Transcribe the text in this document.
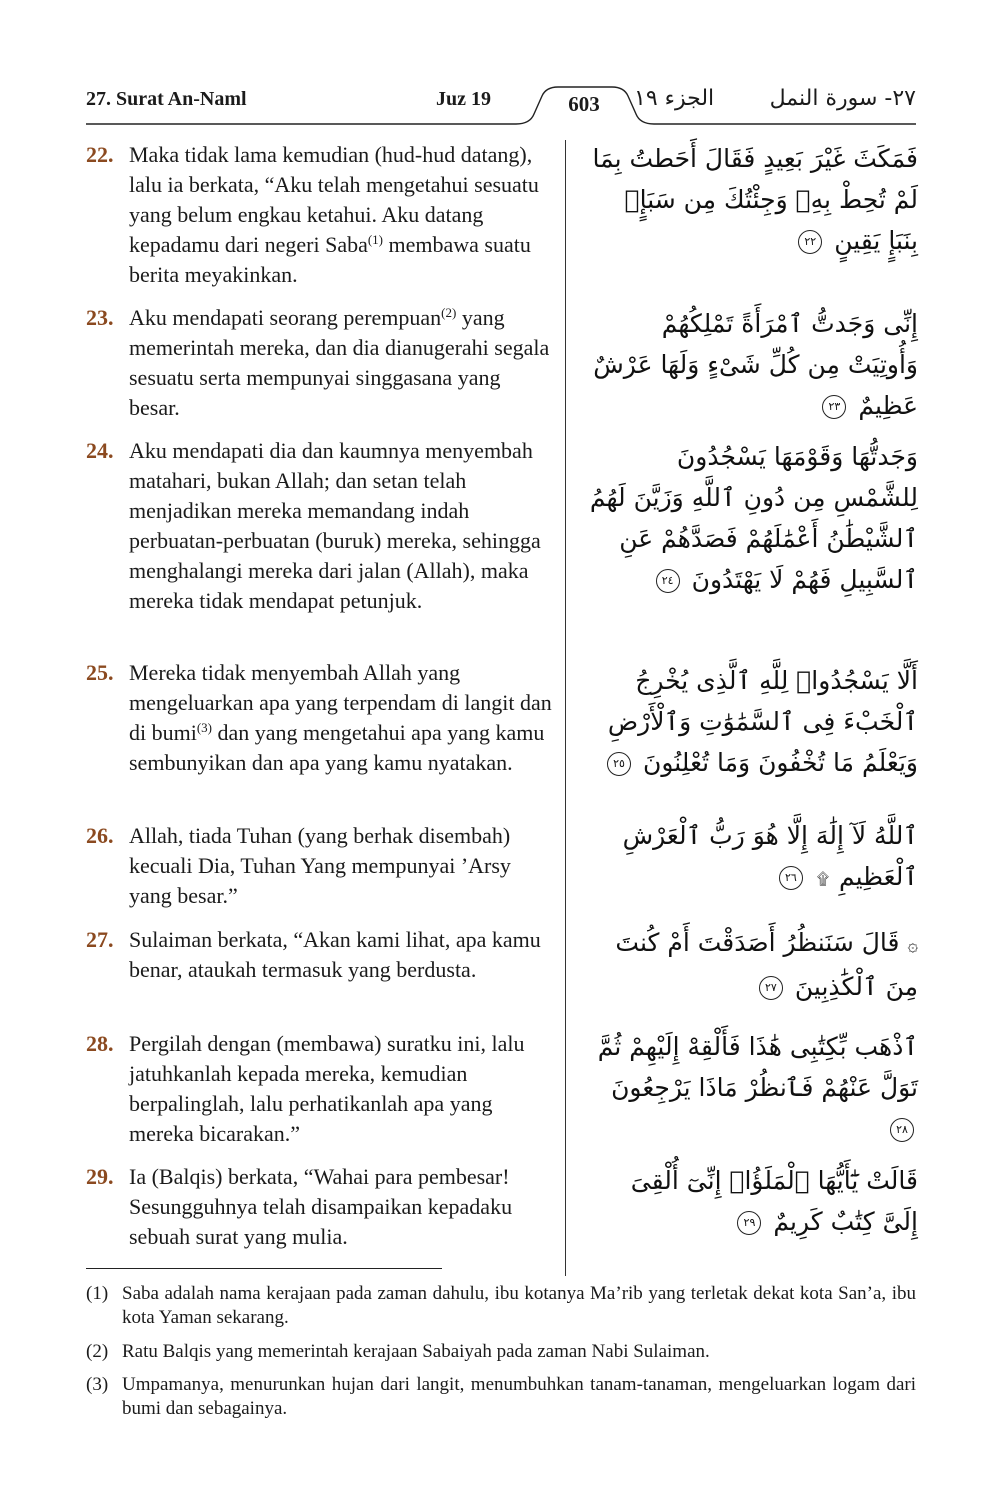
27. Surat An-Naml	Juz 19	603	الجزء ١٩	٢٧- سورة النمل
22. Maka tidak lama kemudian (hud-hud datang), lalu ia berkata, “Aku telah mengetahui sesuatu yang belum engkau ketahui. Aku datang kepadamu dari negeri Saba$^{(1)}$ membawa suatu berita meyakinkan.
23. Aku mendapati seorang perempuan$^{(2)}$ yang memerintah mereka, dan dia dianugerahi segala sesuatu serta mempunyai singgasana yang besar.
24. Aku mendapati dia dan kaumnya menyembah matahari, bukan Allah; dan setan telah menjadikan mereka memandang indah perbuatan-perbuatan (buruk) mereka, sehingga menghalangi mereka dari jalan (Allah), maka mereka tidak mendapat petunjuk.
25. Mereka tidak menyembah Allah yang mengeluarkan apa yang terpendam di langit dan di bumi$^{(3)}$ dan yang mengetahui apa yang kamu sembunyikan dan apa yang kamu nyatakan.
26. Allah, tiada Tuhan (yang berhak disembah) kecuali Dia, Tuhan Yang mempunyai ’Arsy yang besar.”
27. Sulaiman berkata, “Akan kami lihat, apa kamu benar, ataukah termasuk yang berdusta.
28. Pergilah dengan (membawa) suratku ini, lalu jatuhkanlah kepada mereka, kemudian berpalinglah, lalu perhatikanlah apa yang mereka bicarakan.”
29. Ia (Balqis) berkata, “Wahai para pembesar! Sesungguhnya telah disampaikan kepadaku sebuah surat yang mulia.
فَمَكَثَ غَيْرَ بَعِيدٍ فَقَالَ أَحَطتُ بِمَا لَمْ تُحِطْ بِهِۦ وَجِئْتُكَ مِن سَبَإٍۭ بِنَبَإٍ يَقِينٍ ٢٢
إِنِّى وَجَدتُّ ٱمْرَأَةً تَمْلِكُهُمْ وَأُوتِيَتْ مِن كُلِّ شَىْءٍ وَلَهَا عَرْشٌ عَظِيمٌ ٢٣
وَجَدتُّهَا وَقَوْمَهَا يَسْجُدُونَ لِلشَّمْسِ مِن دُونِ ٱللَّهِ وَزَيَّنَ لَهُمُ ٱلشَّيْطَٰنُ أَعْمَٰلَهُمْ فَصَدَّهُمْ عَنِ ٱلسَّبِيلِ فَهُمْ لَا يَهْتَدُونَ ٢٤
أَلَّا يَسْجُدُوا۟ لِلَّهِ ٱلَّذِى يُخْرِجُ ٱلْخَبْءَ فِى ٱلسَّمَٰوَٰتِ وَٱلْأَرْضِ وَيَعْلَمُ مَا تُخْفُونَ وَمَا تُعْلِنُونَ ٢٥
ٱللَّهُ لَآ إِلَٰهَ إِلَّا هُوَ رَبُّ ٱلْعَرْشِ ٱلْعَظِيمِ ۩ ٢٦
۞ قَالَ سَنَنظُرُ أَصَدَقْتَ أَمْ كُنتَ مِنَ ٱلْكَٰذِبِينَ ٢٧
ٱذْهَب بِّكِتَٰبِى هَٰذَا فَأَلْقِهْ إِلَيْهِمْ ثُمَّ تَوَلَّ عَنْهُمْ فَٱنظُرْ مَاذَا يَرْجِعُونَ ٢٨
قَالَتْ يَٰٓأَيُّهَا ٱلْمَلَؤُا۟ إِنِّىٓ أُلْقِىَ إِلَىَّ كِتَٰبٌ كَرِيمٌ ٢٩
(1) Saba adalah nama kerajaan pada zaman dahulu, ibu kotanya Ma’rib yang terletak dekat kota San’a, ibu kota Yaman sekarang.
(2) Ratu Balqis yang memerintah kerajaan Sabaiyah pada zaman Nabi Sulaiman.
(3) Umpamanya, menurunkan hujan dari langit, menumbuhkan tanam-tanaman, mengeluarkan logam dari bumi dan sebagainya.
